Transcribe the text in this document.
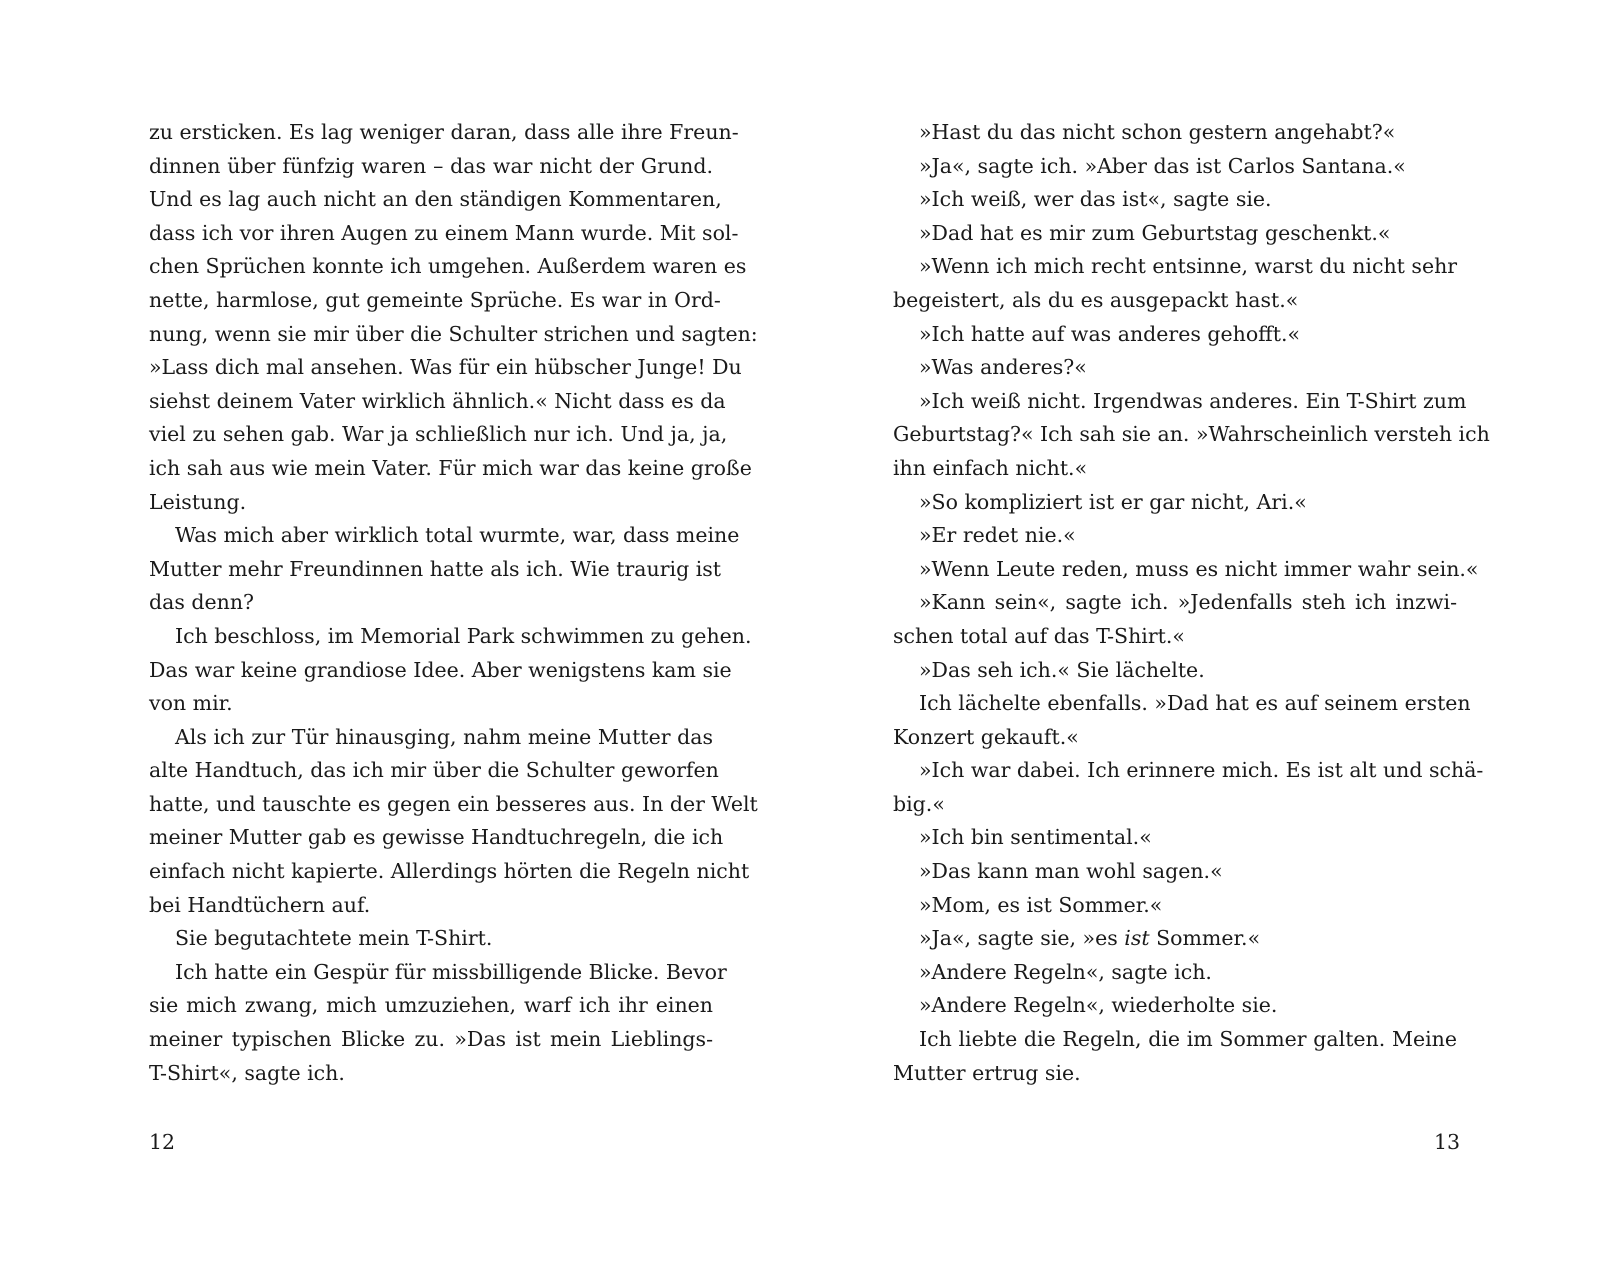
zu ersticken. Es lag weniger daran, dass alle ihre Freun-
dinnen über fünfzig waren – das war nicht der Grund.
Und es lag auch nicht an den ständigen Kommentaren,
dass ich vor ihren Augen zu einem Mann wurde. Mit sol-
chen Sprüchen konnte ich umgehen. Außerdem waren es
nette, harmlose, gut gemeinte Sprüche. Es war in Ord-
nung, wenn sie mir über die Schulter strichen und sagten:
»Lass dich mal ansehen. Was für ein hübscher Junge! Du
siehst deinem Vater wirklich ähnlich.« Nicht dass es da
viel zu sehen gab. War ja schließlich nur ich. Und ja, ja,
ich sah aus wie mein Vater. Für mich war das keine große
Leistung.
Was mich aber wirklich total wurmte, war, dass meine
Mutter mehr Freundinnen hatte als ich. Wie traurig ist
das denn?
Ich beschloss, im Memorial Park schwimmen zu gehen.
Das war keine grandiose Idee. Aber wenigstens kam sie
von mir.
Als ich zur Tür hinausging, nahm meine Mutter das
alte Handtuch, das ich mir über die Schulter geworfen
hatte, und tauschte es gegen ein besseres aus. In der Welt
meiner Mutter gab es gewisse Handtuchregeln, die ich
einfach nicht kapierte. Allerdings hörten die Regeln nicht
bei Handtüchern auf.
Sie begutachtete mein T-Shirt.
Ich hatte ein Gespür für missbilligende Blicke. Bevor
sie mich zwang, mich umzuziehen, warf ich ihr einen
meiner typischen Blicke zu. »Das ist mein Lieblings-
T-Shirt«, sagte ich.
»Hast du das nicht schon gestern angehabt?«
»Ja«, sagte ich. »Aber das ist Carlos Santana.«
»Ich weiß, wer das ist«, sagte sie.
»Dad hat es mir zum Geburtstag geschenkt.«
»Wenn ich mich recht entsinne, warst du nicht sehr
begeistert, als du es ausgepackt hast.«
»Ich hatte auf was anderes gehofft.«
»Was anderes?«
»Ich weiß nicht. Irgendwas anderes. Ein T-Shirt zum
Geburtstag?« Ich sah sie an. »Wahrscheinlich versteh ich
ihn einfach nicht.«
»So kompliziert ist er gar nicht, Ari.«
»Er redet nie.«
»Wenn Leute reden, muss es nicht immer wahr sein.«
»Kann sein«, sagte ich. »Jedenfalls steh ich inzwi-
schen total auf das T-Shirt.«
»Das seh ich.« Sie lächelte.
Ich lächelte ebenfalls. »Dad hat es auf seinem ersten
Konzert gekauft.«
»Ich war dabei. Ich erinnere mich. Es ist alt und schä-
big.«
»Ich bin sentimental.«
»Das kann man wohl sagen.«
»Mom, es ist Sommer.«
»Ja«, sagte sie, »es ist Sommer.«
»Andere Regeln«, sagte ich.
»Andere Regeln«, wiederholte sie.
Ich liebte die Regeln, die im Sommer galten. Meine
Mutter ertrug sie.
12	13
